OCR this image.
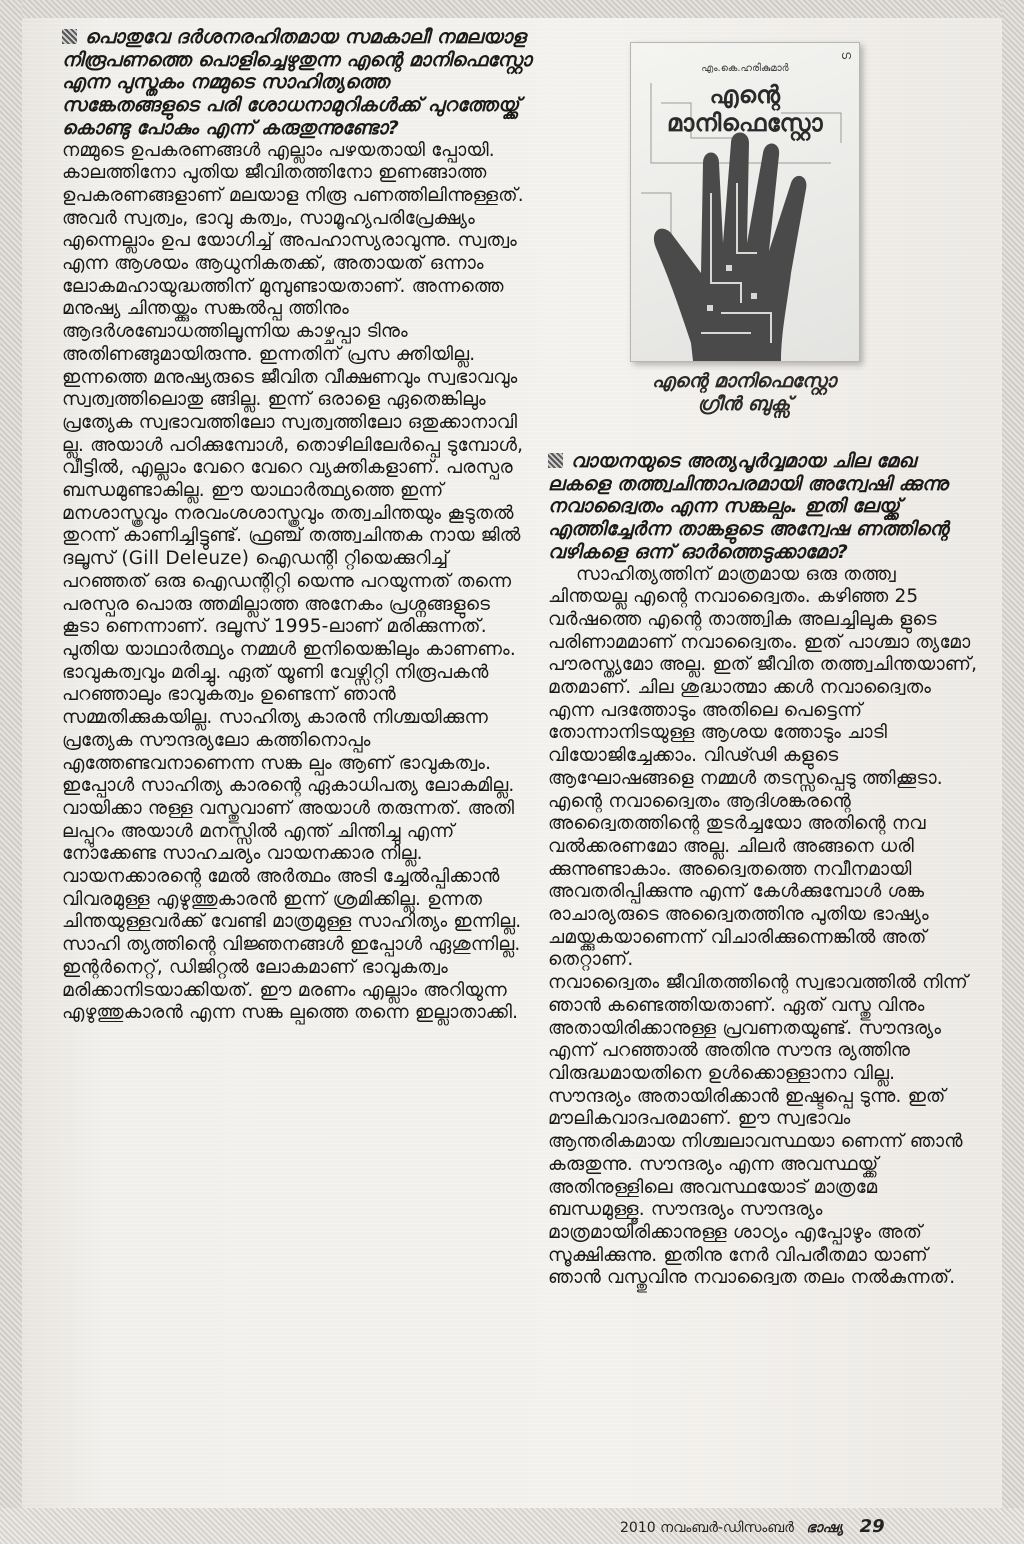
പൊതുവേ ദർശനരഹിതമായ സമകാലീ നമലയാള നിരൂപണത്തെ പൊളിച്ചെഴുതുന്ന എന്റെ മാനിഫെസ്റ്റോ എന്ന പുസ്തകം നമ്മുടെ സാഹിത്യത്തെ സങ്കേതങ്ങളുടെ പരി ശോധനാമുറികൾക്ക് പുറത്തേയ്ക്ക് കൊണ്ടു പോകും എന്ന് കരുതുന്നുണ്ടോ?

നമ്മുടെ ഉപകരണങ്ങൾ എല്ലാം പഴയതായി പ്പോയി. കാലത്തിനോ പുതിയ ജീവിതത്തിനോ ഇണങ്ങാത്ത ഉപകരണങ്ങളാണ് മലയാള നിരൂ പണത്തിലിന്നുള്ളത്. അവർ സ്വത്വം, ഭാവു കത്വം, സാമൂഹ്യപരിപ്രേക്ഷ്യം എന്നെല്ലാം ഉപ യോഗിച്ച് അപഹാസ്യരാവുന്നു. സ്വത്വം എന്ന ആശയം ആധുനികതക്ക്, അതായത് ഒന്നാം ലോകമഹായുദ്ധത്തിന് മുമ്പുണ്ടായതാണ്. അന്നത്തെ മനുഷ്യ ചിന്തയ്ക്കും സങ്കൽപ്പ ത്തിനും ആദർശബോധത്തിലൂന്നിയ കാഴ്ചപ്പാ ടിനും അതിണങ്ങുമായിരുന്നു. ഇന്നതിന് പ്രസ ക്തിയില്ല. ഇന്നത്തെ മനുഷ്യരുടെ ജീവിത വീക്ഷണവും സ്വഭാവവും സ്വത്വത്തിലൊതു ങ്ങില്ല. ഇന്ന് ഒരാളെ ഏതെങ്കിലും പ്രത്യേക സ്വഭാവത്തിലോ സ്വത്വത്തിലോ ഒതുക്കാനാവി ല്ല. അയാൾ പഠിക്കുമ്പോൾ, തൊഴിലിലേർപ്പെ ടുമ്പോൾ, വീട്ടിൽ, എല്ലാം വേറെ വേറെ വ്യക്തികളാണ്. പരസ്പര ബന്ധമുണ്ടാകില്ല. ഈ യാഥാർത്ഥ്യത്തെ ഇന്ന് മനശാസ്ത്രവും നരവംശശാസ്ത്രവും തത്വചിന്തയും കൂടുതൽ തുറന്ന് കാണിച്ചിട്ടുണ്ട്. ഫ്രഞ്ച് തത്ത്വചിന്തക നായ ജിൽ ദലൂസ് (Gill Deleuze) ഐഡന്റി റ്റിയെക്കുറിച്ച് പറഞ്ഞത് ഒരു ഐഡന്റിറ്റി യെന്നു പറയുന്നത് തന്നെ പരസ്പര പൊരു ത്തമില്ലാത്ത അനേകം പ്രശ്നങ്ങളുടെ കൂടാ ണെന്നാണ്. ദലൂസ് 1995-ലാണ് മരിക്കുന്നത്. പുതിയ യാഥാർത്ഥ്യം നമ്മൾ ഇനിയെങ്കിലും കാണണം. ഭാവുകത്വവും മരിച്ചു. ഏത് യൂണി വേഴ്സിറ്റി നിരൂപകൻ പറഞ്ഞാലും ഭാവുകത്വം ഉണ്ടെന്ന് ഞാൻ സമ്മതിക്കുകയില്ല. സാഹിത്യ കാരൻ നിശ്ചയിക്കുന്ന പ്രത്യേക സൗന്ദര്യലോ കത്തിനൊപ്പം എത്തേണ്ടവനാണെന്ന സങ്ക ല്പം ആണ് ഭാവുകത്വം. ഇപ്പോൾ സാഹിത്യ കാരന്റെ ഏകാധിപത്യ ലോകമില്ല. വായിക്കാ നുള്ള വസ്തുവാണ് അയാൾ തരുന്നത്. അതി ലപ്പുറം അയാൾ മനസ്സിൽ എന്ത് ചിന്തിച്ചു എന്ന് നോക്കേണ്ട സാഹചര്യം വായനക്കാര നില്ല. വായനക്കാരന്റെ മേൽ അർത്ഥം അടി ച്ചേൽപ്പിക്കാൻ വിവരമുള്ള എഴുത്തുകാരൻ ഇന്ന് ശ്രമിക്കില്ല. ഉന്നത ചിന്തയുള്ളവർക്ക് വേണ്ടി മാത്രമുള്ള സാഹിത്യം ഇന്നില്ല. സാഹി ത്യത്തിന്റെ വിജ്ഞനങ്ങൾ ഇപ്പോൾ ഏശുന്നില്ല. ഇന്റർനെറ്റ്, ഡിജിറ്റൽ ലോകമാണ് ഭാവുകത്വം മരിക്കാനിടയാക്കിയത്. ഈ മരണം എല്ലാം അറിയുന്ന എഴുത്തുകാരൻ എന്ന സങ്ക ല്പത്തെ തന്നെ ഇല്ലാതാക്കി.

ഗ
എം.കെ.ഹരികുമാർ
എന്റെ മാനിഫെസ്റ്റോ
എന്റെ മാനിഫെസ്റ്റോ
ഗ്രീൻ ബുക്സ്

വായനയുടെ അത്യപൂർവ്വമായ ചില മേഖ ലകളെ തത്ത്വചിന്താപരമായി അന്വേഷി ക്കുന്നു നവാദ്വൈതം എന്ന സങ്കല്പം. ഇതി ലേയ്ക്ക് എത്തിച്ചേർന്ന താങ്കളുടെ അന്വേഷ ണത്തിന്റെ വഴികളെ ഒന്ന് ഓർത്തെടുക്കാമോ?

സാഹിത്യത്തിന് മാത്രമായ ഒരു തത്ത്വ ചിന്തയല്ല എന്റെ നവാദ്വൈതം. കഴിഞ്ഞ 25 വർഷത്തെ എന്റെ താത്ത്വിക അലച്ചിലുക ളുടെ പരിണാമമാണ് നവാദ്വൈതം. ഇത് പാശ്ചാ ത്യമോ പൗരസ്ത്യമോ അല്ല. ഇത് ജീവിത തത്ത്വചിന്തയാണ്, മതമാണ്. ചില ശുദ്ധാത്മാ ക്കൾ നവാദ്വൈതം എന്ന പദത്തോടും അതിലെ പെട്ടെന്ന് തോന്നാനിടയുള്ള ആശയ ത്തോടും ചാടി വിയോജിച്ചേക്കാം. വിഢ്ഢി കളുടെ ആഘോഷങ്ങളെ നമ്മൾ തടസ്സപ്പെടു ത്തിക്കൂടാ. എന്റെ നവാദ്വൈതം ആദിശങ്കരന്റെ അദ്വൈതത്തിന്റെ തുടർച്ചയോ അതിന്റെ നവ വൽക്കരണമോ അല്ല. ചിലർ അങ്ങനെ ധരി ക്കുന്നുണ്ടാകാം. അദ്വൈതത്തെ നവീനമായി അവതരിപ്പിക്കുന്നു എന്ന് കേൾക്കുമ്പോൾ ശങ്ക രാചാര്യരുടെ അദ്വൈതത്തിനു പുതിയ ഭാഷ്യം ചമയ്ക്കുകയാണെന്ന് വിചാരിക്കുന്നെങ്കിൽ അത് തെറ്റാണ്.

നവാദ്വൈതം ജീവിതത്തിന്റെ സ്വഭാവത്തിൽ നിന്ന് ഞാൻ കണ്ടെത്തിയതാണ്. ഏത് വസ്തു വിനും അതായിരിക്കാനുള്ള പ്രവണതയുണ്ട്. സൗന്ദര്യം എന്ന് പറഞ്ഞാൽ അതിനു സൗന്ദ ര്യത്തിനു വിരുദ്ധമായതിനെ ഉൾക്കൊള്ളാനാ വില്ല. സൗന്ദര്യം അതായിരിക്കാൻ ഇഷ്ടപ്പെ ടുന്നു. ഇത് മൗലികവാദപരമാണ്. ഈ സ്വഭാവം ആന്തരികമായ നിശ്ചലാവസ്ഥയാ ണെന്ന് ഞാൻ കരുതുന്നു. സൗന്ദര്യം എന്ന അവസ്ഥയ്ക്ക് അതിനുള്ളിലെ അവസ്ഥയോട് മാത്രമേ ബന്ധമുള്ളൂ. സൗന്ദര്യം സൗന്ദര്യം മാത്രമായിരിക്കാനുള്ള ശാഠ്യം എപ്പോഴും അത് സൂക്ഷിക്കുന്നു. ഇതിനു നേർ വിപരീതമാ യാണ് ഞാൻ വസ്തുവിനു നവാദ്വൈത തലം നൽകുന്നത്.

2010 നവംബർ-ഡിസംബർ ഭാഷ്യ 29
